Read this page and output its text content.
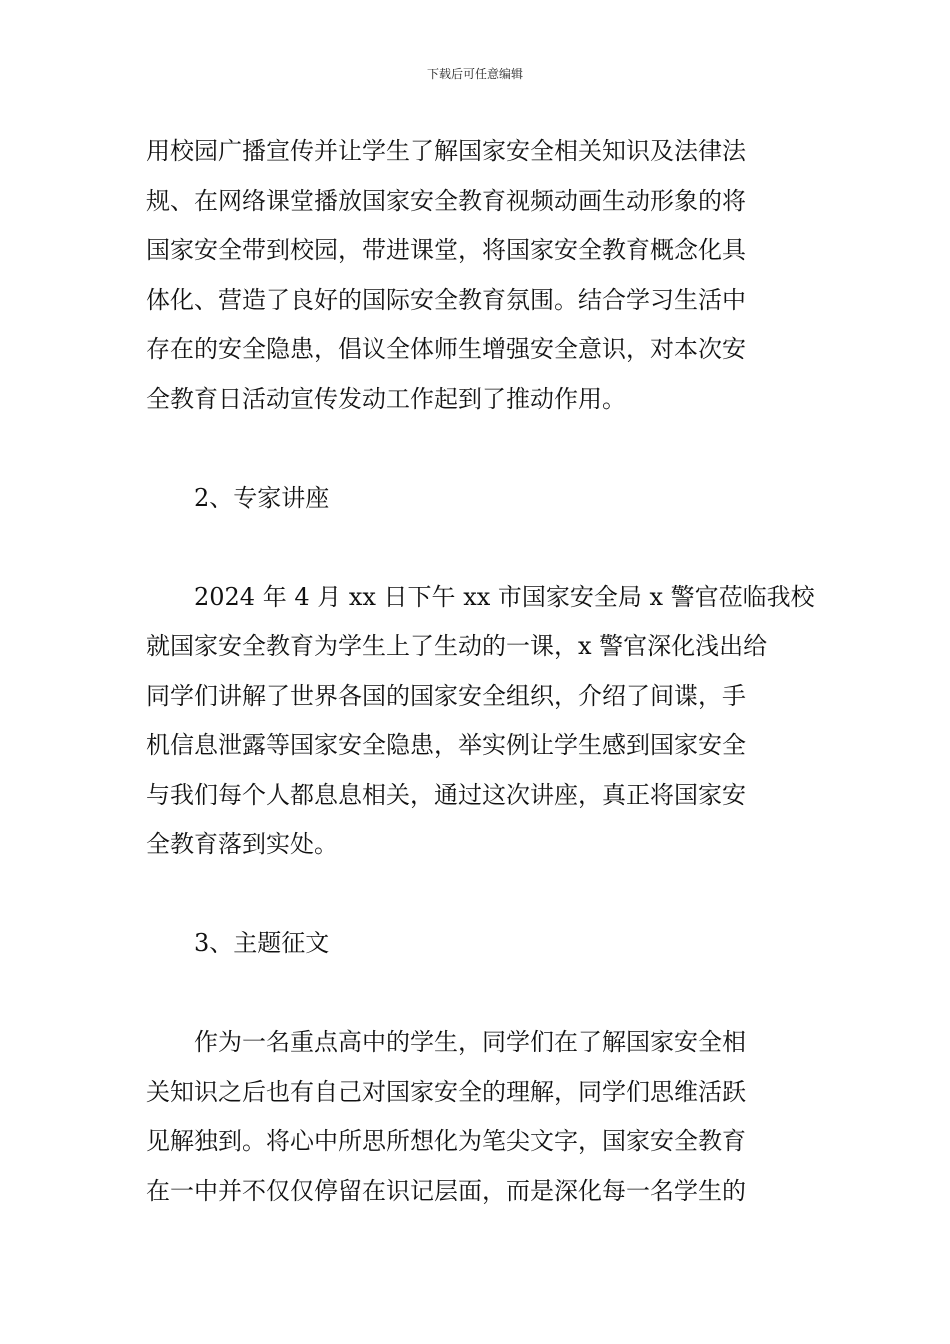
下载后可任意编辑
用校园广播宣传并让学生了解国家安全相关知识及法律法
规、在网络课堂播放国家安全教育视频动画生动形象的将
国家安全带到校园，带进课堂，将国家安全教育概念化具
体化、营造了良好的国际安全教育氛围。结合学习生活中
存在的安全隐患，倡议全体师生增强安全意识，对本次安
全教育日活动宣传发动工作起到了推动作用。
2、专家讲座
2024 年 4 月 xx 日下午 xx 市国家安全局 x 警官莅临我校
就国家安全教育为学生上了生动的一课，x 警官深化浅出给
同学们讲解了世界各国的国家安全组织，介绍了间谍，手
机信息泄露等国家安全隐患，举实例让学生感到国家安全
与我们每个人都息息相关，通过这次讲座，真正将国家安
全教育落到实处。
3、主题征文
作为一名重点高中的学生，同学们在了解国家安全相
关知识之后也有自己对国家安全的理解，同学们思维活跃
见解独到。将心中所思所想化为笔尖文字，国家安全教育
在一中并不仅仅停留在识记层面，而是深化每一名学生的
